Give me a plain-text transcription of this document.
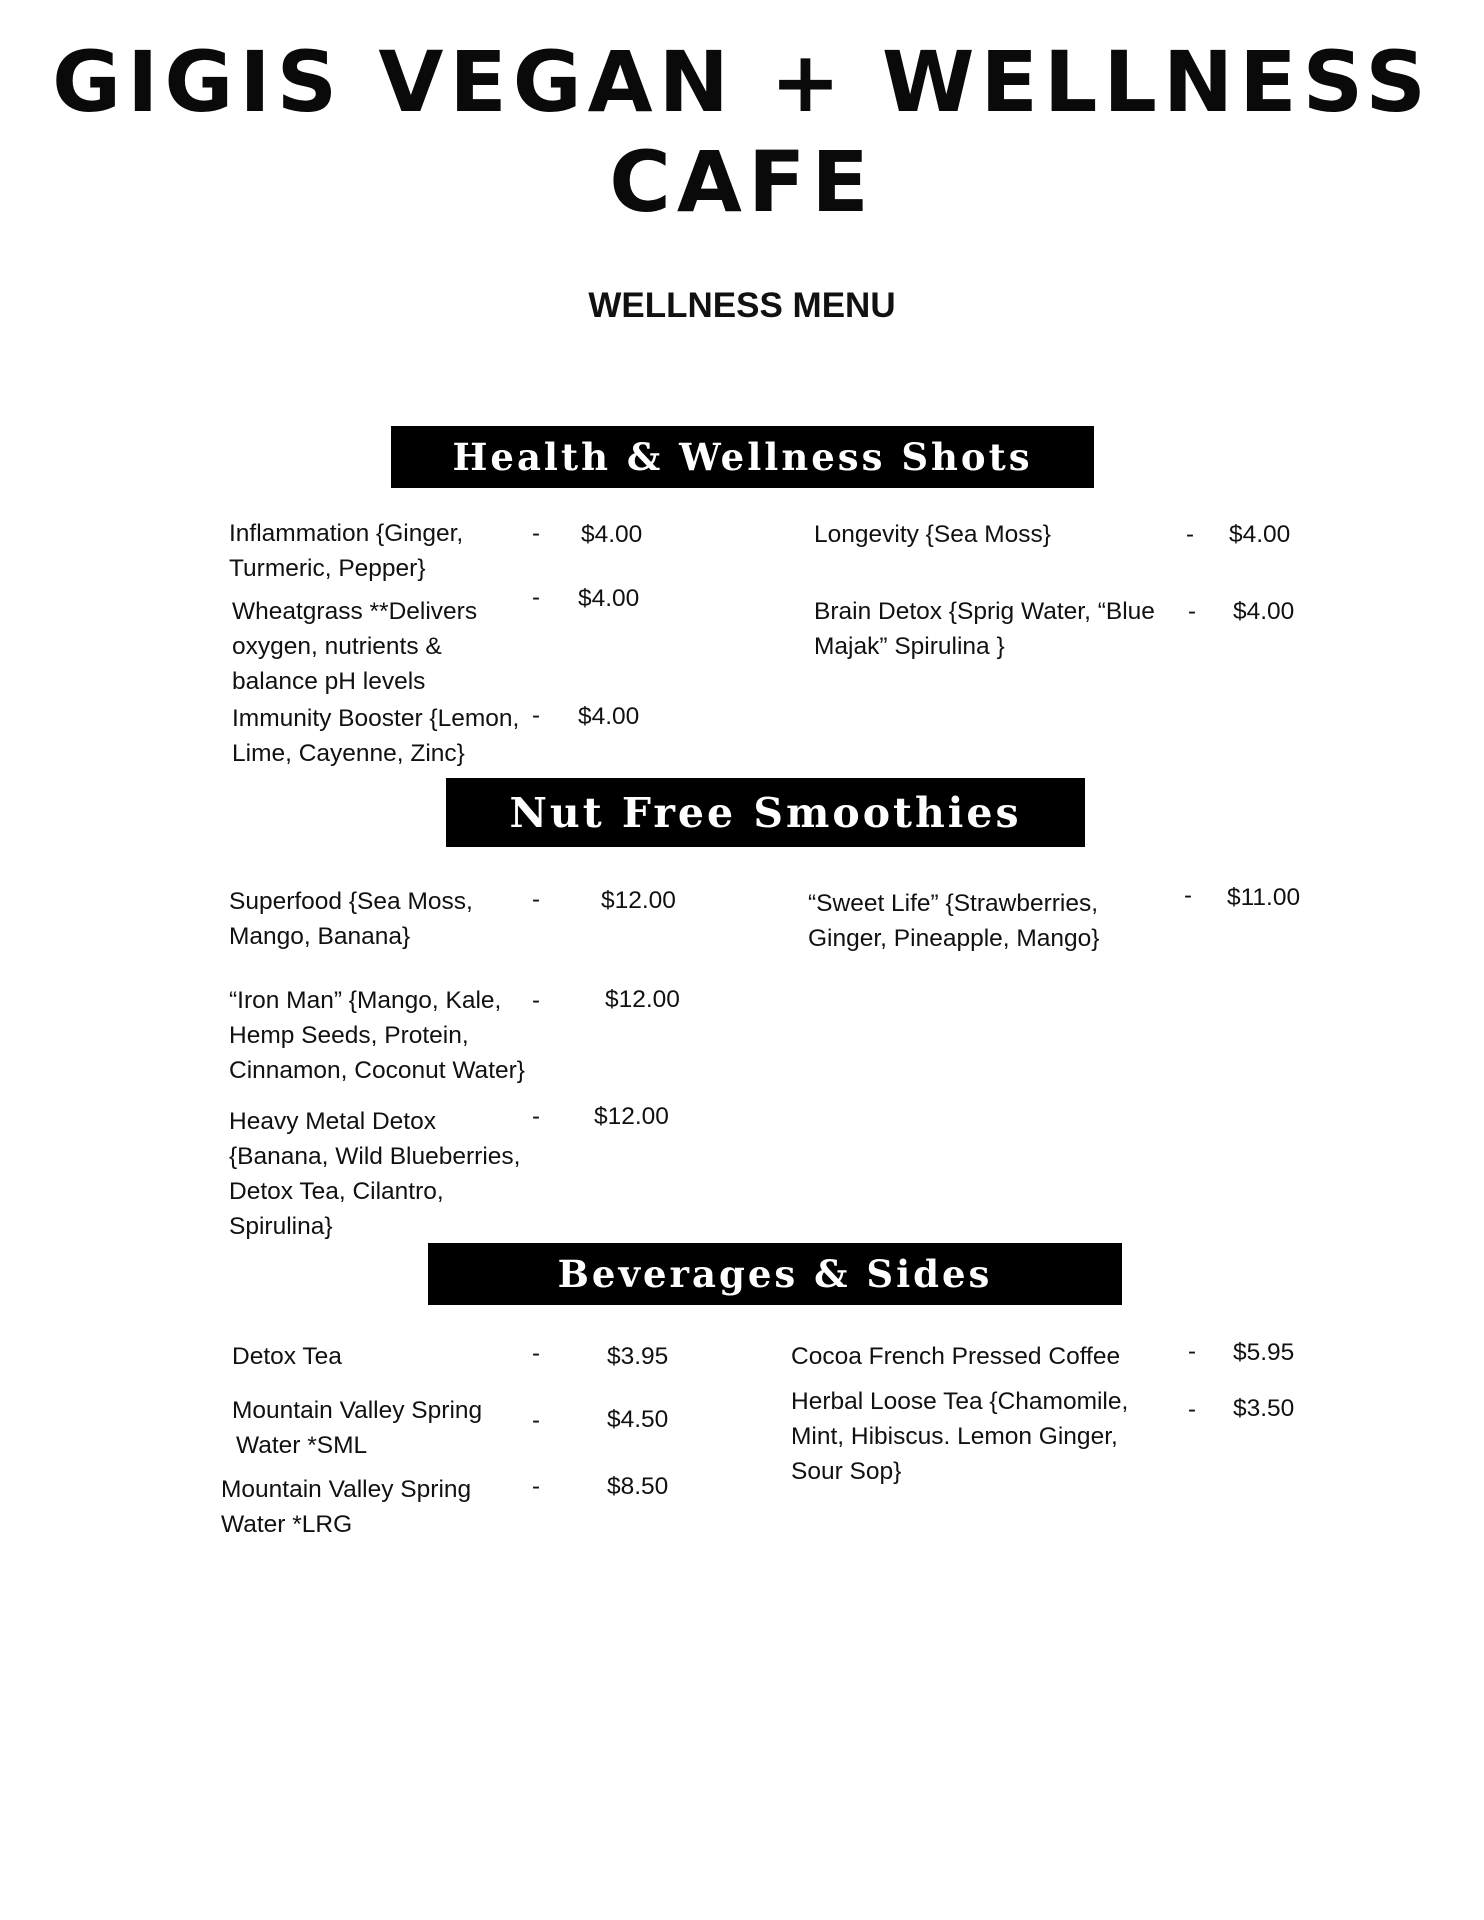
GIGIS VEGAN + WELLNESS
CAFE
WELLNESS MENU
Health & Wellness Shots
Inflammation {Ginger,
Turmeric, Pepper}
- $4.00
Wheatgrass **Delivers
oxygen, nutrients &
balance pH levels
- $4.00
Immunity Booster {Lemon,
Lime, Cayenne, Zinc}
- $4.00
Longevity {Sea Moss}	- $4.00
Brain Detox {Sprig Water, “Blue
Majak” Spirulina }
- $4.00
Nut Free Smoothies
Superfood {Sea Moss,
Mango, Banana}
- $12.00
“Iron Man” {Mango, Kale,
Hemp Seeds, Protein,
Cinnamon, Coconut Water}
-	$12.00
Heavy Metal Detox
{Banana, Wild Blueberries,
Detox Tea, Cilantro,
Spirulina}
- $12.00
“Sweet Life” {Strawberries,
Ginger, Pineapple, Mango}
- $11.00
Beverages & Sides
Detox Tea	-	$3.95
Mountain Valley Spring
Water *SML
-	$4.50
Mountain Valley Spring
Water *LRG
-	$8.50
Cocoa French Pressed Coffee	- $5.95
Herbal Loose Tea {Chamomile,
Mint, Hibiscus. Lemon Ginger,
Sour Sop}
- $3.50
